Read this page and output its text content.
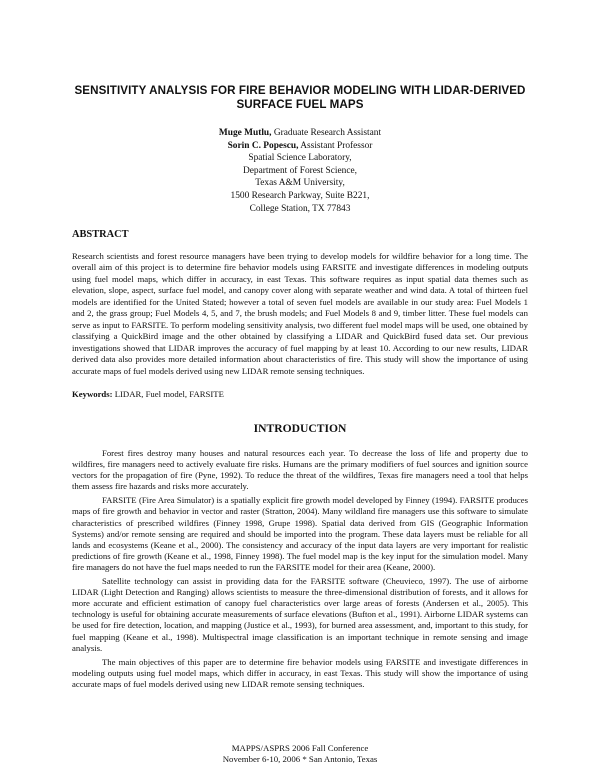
SENSITIVITY ANALYSIS FOR FIRE BEHAVIOR MODELING WITH LIDAR-DERIVED
SURFACE FUEL MAPS
Muge Mutlu, Graduate Research Assistant
Sorin C. Popescu, Assistant Professor
Spatial Science Laboratory,
Department of Forest Science,
Texas A&M University,
1500 Research Parkway, Suite B221,
College Station, TX 77843
ABSTRACT
Research scientists and forest resource managers have been trying to develop models for wildfire behavior for a long time. The overall aim of this project is to determine fire behavior models using FARSITE and investigate differences in modeling outputs using fuel model maps, which differ in accuracy, in east Texas. This software requires as input spatial data themes such as elevation, slope, aspect, surface fuel model, and canopy cover along with separate weather and wind data. A total of thirteen fuel models are identified for the United Stated; however a total of seven fuel models are available in our study area: Fuel Models 1 and 2, the grass group; Fuel Models 4, 5, and 7, the brush models; and Fuel Models 8 and 9, timber litter. These fuel models can serve as input to FARSITE. To perform modeling sensitivity analysis, two different fuel model maps will be used, one obtained by classifying a QuickBird image and the other obtained by classifying a LIDAR and QuickBird fused data set. Our previous investigations showed that LIDAR improves the accuracy of fuel mapping by at least 10. According to our new results, LIDAR derived data also provides more detailed information about characteristics of fire. This study will show the importance of using accurate maps of fuel models derived using new LIDAR remote sensing techniques.
Keywords: LIDAR, Fuel model, FARSITE
INTRODUCTION

Forest fires destroy many houses and natural resources each year. To decrease the loss of life and property due to wildfires, fire managers need to actively evaluate fire risks. Humans are the primary modifiers of fuel sources and ignition source vectors for the propagation of fire (Pyne, 1992). To reduce the threat of the wildfires, Texas fire managers need a tool that helps them assess fire hazards and risks more accurately.

FARSITE (Fire Area Simulator) is a spatially explicit fire growth model developed by Finney (1994). FARSITE produces maps of fire growth and behavior in vector and raster (Stratton, 2004). Many wildland fire managers use this software to simulate characteristics of prescribed wildfires (Finney 1998, Grupe 1998). Spatial data derived from GIS (Geographic Information Systems) and/or remote sensing are required and should be imported into the program. These data layers must be reliable for all lands and ecosystems (Keane et al., 2000). The consistency and accuracy of the input data layers are very important for realistic predictions of fire growth (Keane et al., 1998, Finney 1998). The fuel model map is the key input for the simulation model. Many fire managers do not have the fuel maps needed to run the FARSITE model for their area (Keane, 2000).

Satellite technology can assist in providing data for the FARSITE software (Cheuvieco, 1997). The use of airborne LIDAR (Light Detection and Ranging) allows scientists to measure the three-dimensional distribution of forests, and it allows for more accurate and efficient estimation of canopy fuel characteristics over large areas of forests (Andersen et al., 2005). This technology is useful for obtaining accurate measurements of surface elevations (Bufton et al., 1991). Airborne LIDAR systems can be used for fire detection, location, and mapping (Justice et al., 1993), for burned area assessment, and, important to this study, for fuel mapping (Keane et al., 1998). Multispectral image classification is an important technique in remote sensing and image analysis.

The main objectives of this paper are to determine fire behavior models using FARSITE and investigate differences in modeling outputs using fuel model maps, which differ in accuracy, in east Texas. This study will show the importance of using accurate maps of fuel models derived using new LIDAR remote sensing techniques.

MAPPS/ASPRS 2006 Fall Conference
November 6-10, 2006 * San Antonio, Texas
